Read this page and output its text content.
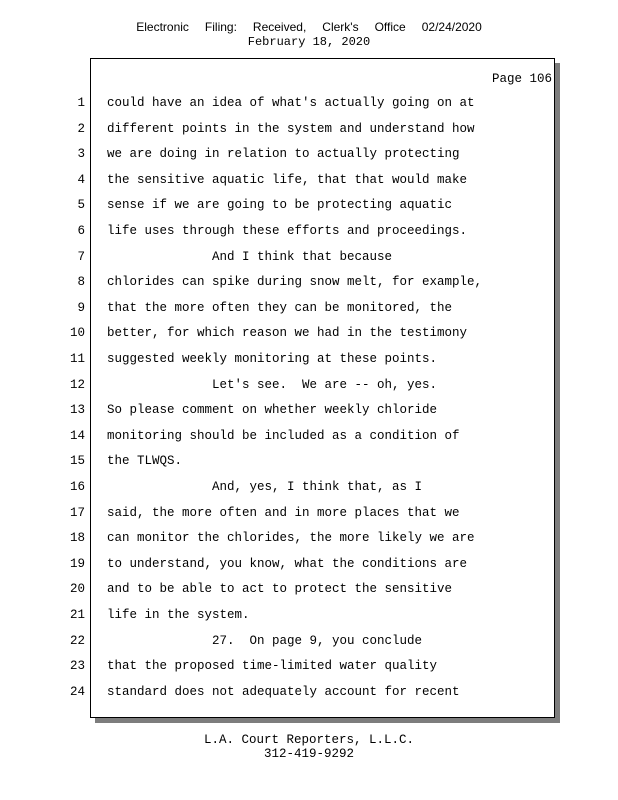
Electronic Filing: Received, Clerk's Office 02/24/2020
February 18, 2020
Page 106
1 could have an idea of what's actually going on at
2 different points in the system and understand how
3 we are doing in relation to actually protecting
4 the sensitive aquatic life, that that would make
5 sense if we are going to be protecting aquatic
6 life uses through these efforts and proceedings.
7 And I think that because
8 chlorides can spike during snow melt, for example,
9 that the more often they can be monitored, the
10 better, for which reason we had in the testimony
11 suggested weekly monitoring at these points.
12 Let's see.  We are -- oh, yes.
13 So please comment on whether weekly chloride
14 monitoring should be included as a condition of
15 the TLWQS.
16 And, yes, I think that, as I
17 said, the more often and in more places that we
18 can monitor the chlorides, the more likely we are
19 to understand, you know, what the conditions are
20 and to be able to act to protect the sensitive
21 life in the system.
22 27.  On page 9, you conclude
23 that the proposed time-limited water quality
24 standard does not adequately account for recent
L.A. Court Reporters, L.L.C.
312-419-9292
